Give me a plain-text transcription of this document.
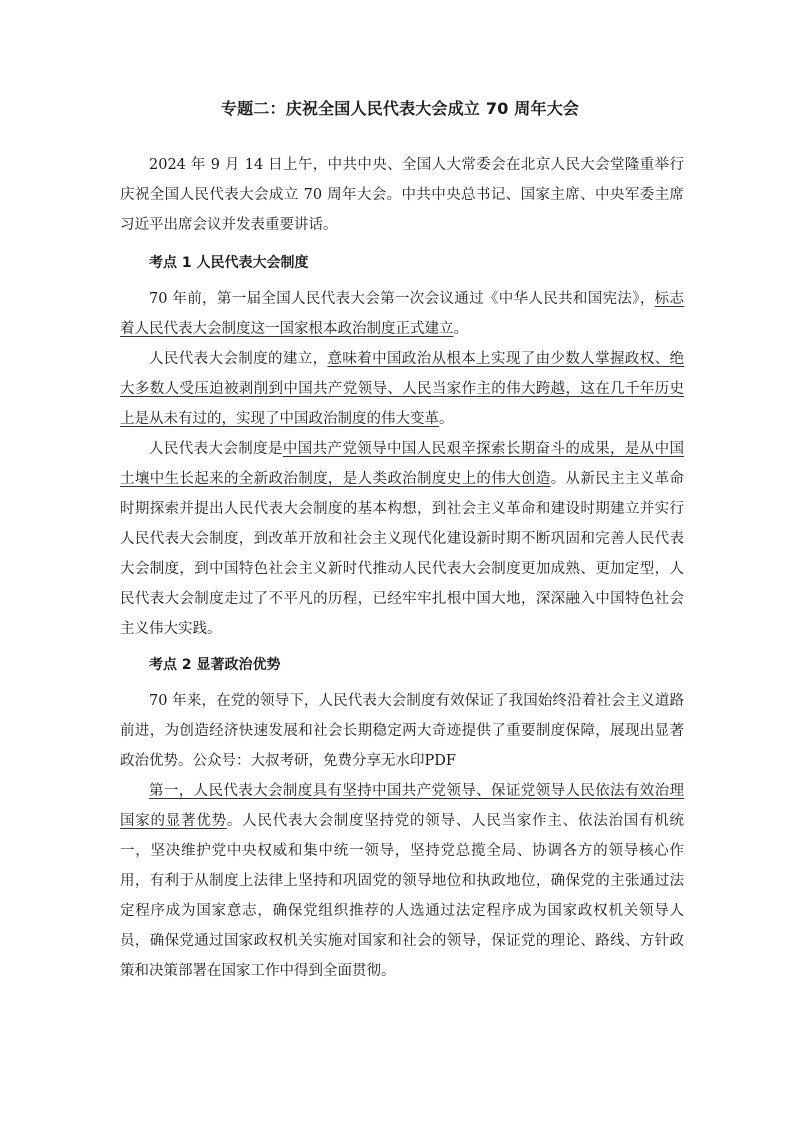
专题二：庆祝全国人民代表大会成立 70 周年大会

2024 年 9 月 14 日上午，中共中央、全国人大常委会在北京人民大会堂隆重举行庆祝全国人民代表大会成立 70 周年大会。中共中央总书记、国家主席、中央军委主席习近平出席会议并发表重要讲话。

考点 1 人民代表大会制度

70 年前，第一届全国人民代表大会第一次会议通过《中华人民共和国宪法》，标志着人民代表大会制度这一国家根本政治制度正式建立。

人民代表大会制度的建立，意味着中国政治从根本上实现了由少数人掌握政权、绝大多数人受压迫被剥削到中国共产党领导、人民当家作主的伟大跨越，这在几千年历史上是从未有过的，实现了中国政治制度的伟大变革。

人民代表大会制度是中国共产党领导中国人民艰辛探索长期奋斗的成果，是从中国土壤中生长起来的全新政治制度，是人类政治制度史上的伟大创造。从新民主主义革命时期探索并提出人民代表大会制度的基本构想，到社会主义革命和建设时期建立并实行人民代表大会制度，到改革开放和社会主义现代化建设新时期不断巩固和完善人民代表大会制度，到中国特色社会主义新时代推动人民代表大会制度更加成熟、更加定型，人民代表大会制度走过了不平凡的历程，已经牢牢扎根中国大地，深深融入中国特色社会主义伟大实践。

考点 2 显著政治优势

70 年来，在党的领导下，人民代表大会制度有效保证了我国始终沿着社会主义道路前进，为创造经济快速发展和社会长期稳定两大奇迹提供了重要制度保障，展现出显著政治优势。公众号：大叔考研，免费分享无水印PDF

第一，人民代表大会制度具有坚持中国共产党领导、保证党领导人民依法有效治理国家的显著优势。人民代表大会制度坚持党的领导、人民当家作主、依法治国有机统一，坚决维护党中央权威和集中统一领导，坚持党总揽全局、协调各方的领导核心作用，有利于从制度上法律上坚持和巩固党的领导地位和执政地位，确保党的主张通过法定程序成为国家意志，确保党组织推荐的人选通过法定程序成为国家政权机关领导人员，确保党通过国家政权机关实施对国家和社会的领导，保证党的理论、路线、方针政策和决策部署在国家工作中得到全面贯彻。
